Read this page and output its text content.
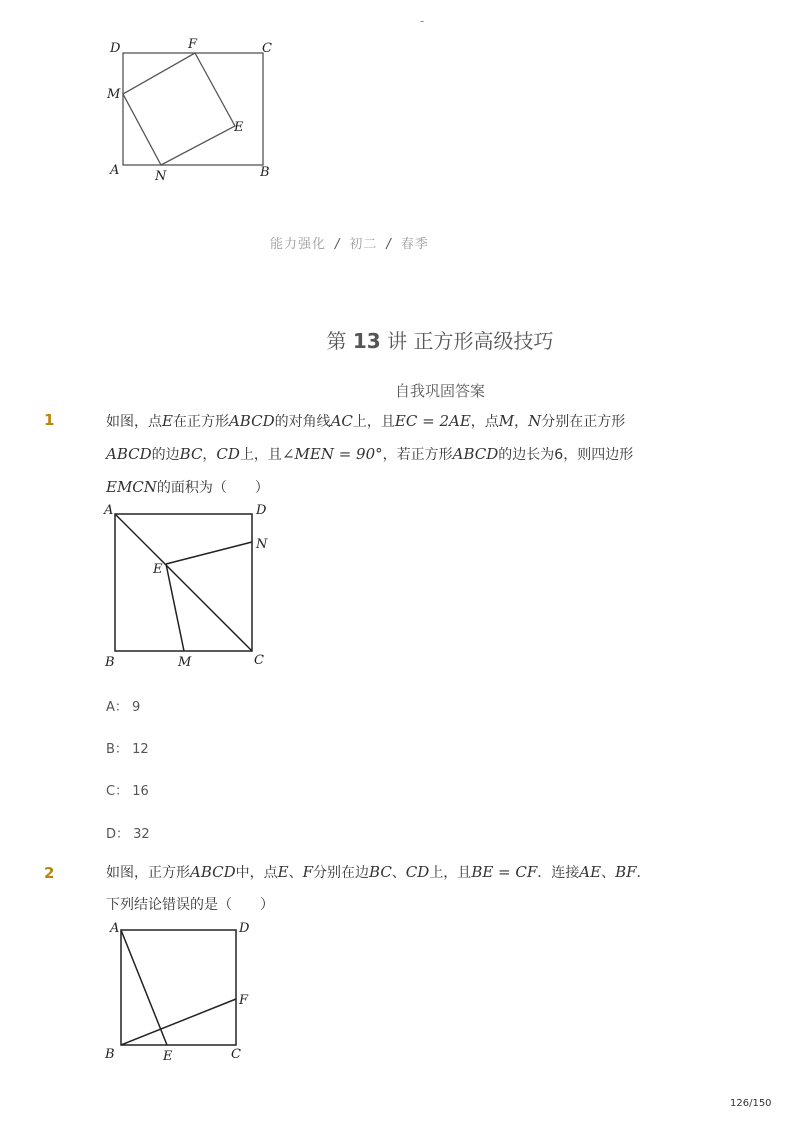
-
D	F	C
M
E
A	N	B
能力强化 / 初二 / 春季
第 13 讲 正方形高级技巧
自我巩固答案
1	如图，点E在正方形ABCD的对角线AC上，且EC = 2AE，点M，N分别在正方形
ABCD的边BC，CD上，且∠MEN = 90°，若正方形ABCD的边长为6，则四边形
EMCN的面积为（　　）
A	D
N
E
B	M	C
A： 9
B： 12
C： 16
D： 32
2	如图，正方形ABCD中，点E、F分别在边BC、CD上，且BE = CF．连接AE、BF．
下列结论错误的是（　　）
A	D
F
B	E	C
126/150
